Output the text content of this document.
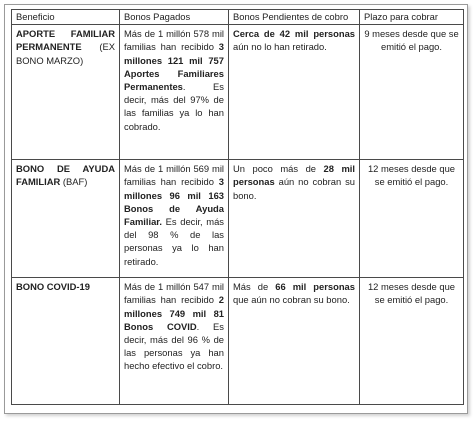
Beneficio	Bonos Pagados	Bonos Pendientes de cobro	Plazo para cobrar
APORTE FAMILIAR PERMANENTE (EX BONO MARZO)	Más de 1 millón 578 mil familias han recibido 3 millones 121 mil 757 Aportes Familiares Permanentes. Es decir, más del 97% de las familias ya lo han cobrado.	Cerca de 42 mil personas aún no lo han retirado.	9 meses desde que se emitió el pago.
BONO DE AYUDA FAMILIAR (BAF)	Más de 1 millón 569 mil familias han recibido 3 millones 96 mil 163 Bonos de Ayuda Familiar. Es decir, más del 98 % de las personas ya lo han retirado.	Un poco más de 28 mil personas aún no cobran su bono.	12 meses desde que se emitió el pago.
BONO COVID-19	Más de 1 millón 547 mil familias han recibido 2 millones 749 mil 81 Bonos COVID. Es decir, más del 96 % de las personas ya han hecho efectivo el cobro.	Más de 66 mil personas que aún no cobran su bono.	12 meses desde que se emitió el pago.
